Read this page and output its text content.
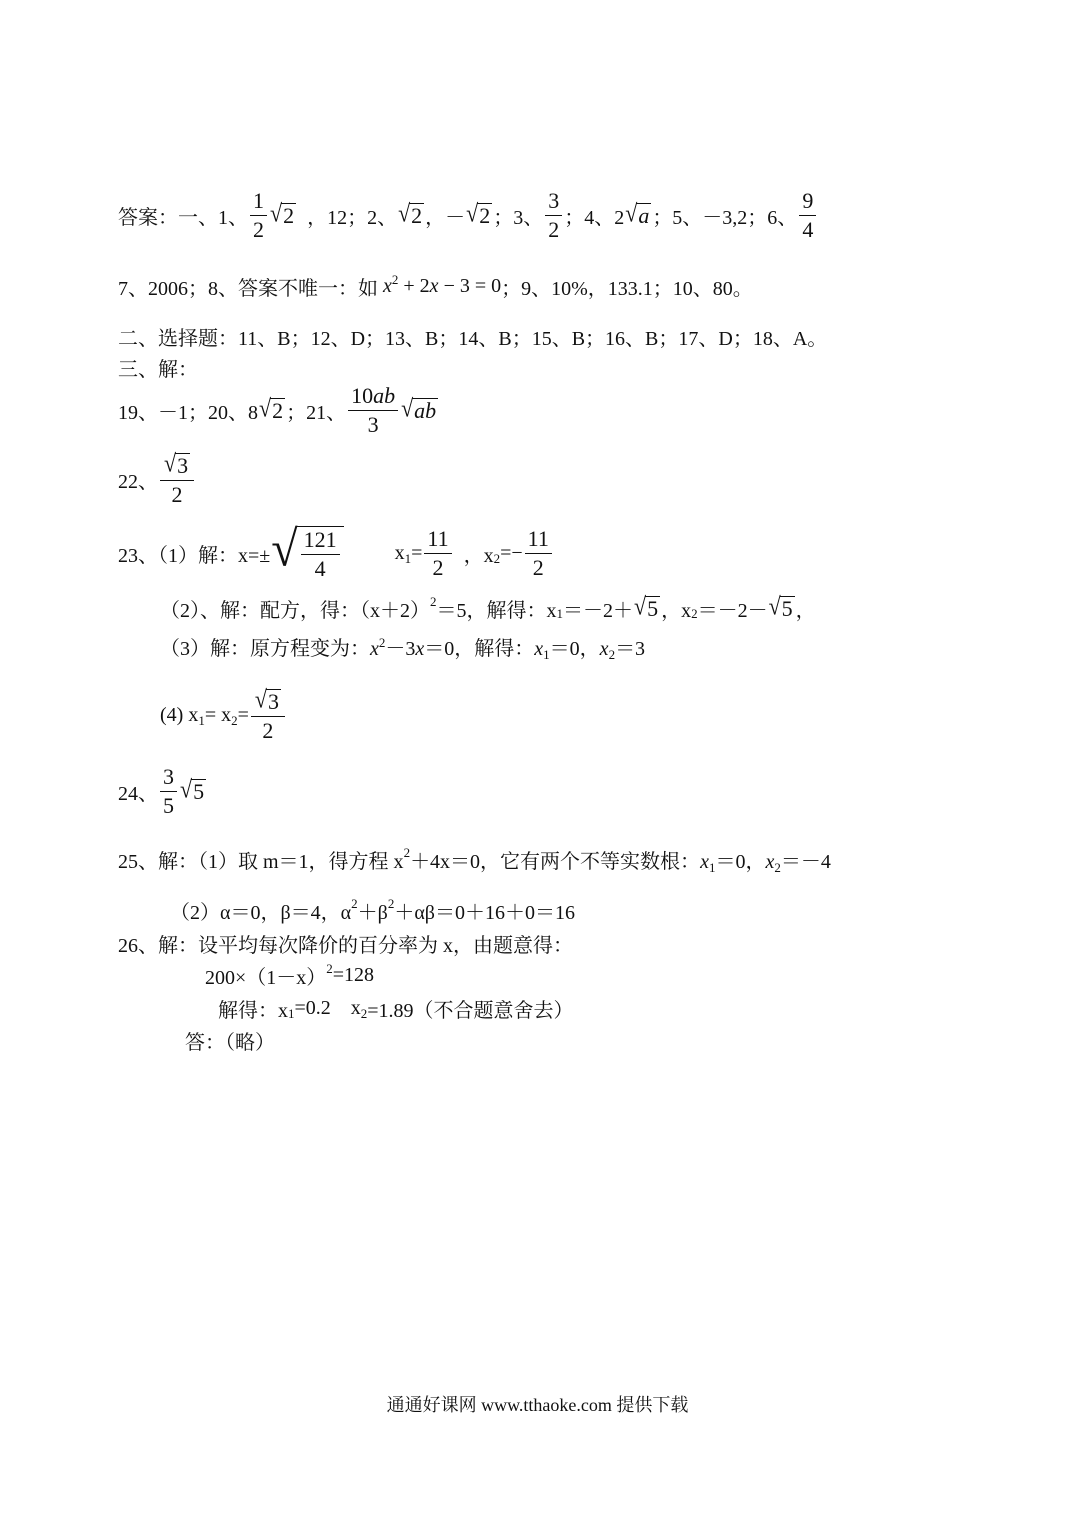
答案：一、1、 $\frac{1}{2}$ √ 2 ，12；2、 √ 2 ，－ √ 2 ；3、 $\frac{3}{2}$ ；4、2 √ a ；5、－3,2；6、 $\frac{9}{4}$
7、2006；8、答案不唯一：如 $x^2 + 2x - 3 = 0$ ；9、10%，133.1；10、80。
二、选择题：11、B；12、D；13、B；14、B；15、B；16、B；17、D；18、A。
三、解：
19、－1；20、8 √ 2 ；21、 $\frac{10ab}{3}$ √ ab
22、 $\frac{√ 3}{2}$
23、（1）解：x=± √ $\frac{121}{4}$	$x_1= \frac{11}{2}$ ，x $_2=- \frac{11}{2}$
（2）、解：配方，得：（x＋2） $^2$ ＝5，解得：x $_1$ ＝－2＋ √ 5 ，x $_2$ ＝－2－ √ 5 ，
（3）解：原方程变为： $x^2-3x=0$ ，解得： $x_1=0$，$x_2=3$
(4) $x_1= x_2= \frac{√ 3}{2}$
24、 $\frac{3}{5}$ √ 5
25、解：（1）取 m＝1，得方程 x $^2$ ＋4x＝0，它有两个不等实数根： $x_1=0$，$x_2=-4$
（2）α＝0，β＝4，α $^2$ ＋β $^2$ ＋αβ＝0＋16＋0＝16
26、解：设平均每次降价的百分率为 x，由题意得：
200×（1－x） $^2$ =128
解得：x $_1$ =0.2    x $_2$ =1.89（不合题意舍去）
答：（略）
通通好课网 www.tthaoke.com 提供下载
